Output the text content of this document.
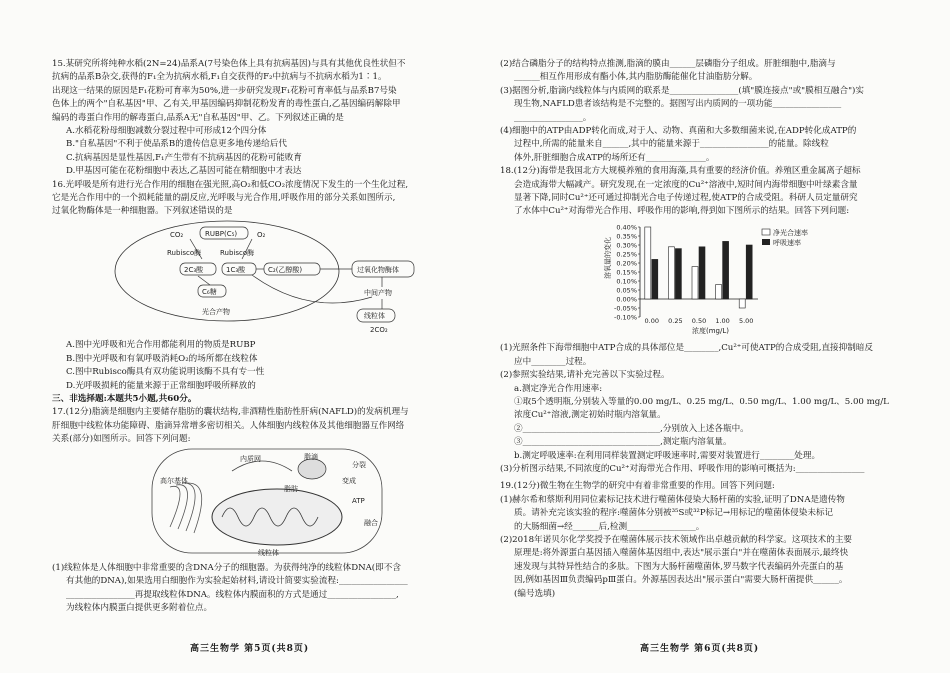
15.某研究所将纯种水稻(2N=24)品系A(7号染色体上具有抗病基因)与具有其他优良性状但不

抗病的品系B杂交,获得的F₁全为抗病水稻,F₁自交获得的F₂中抗病与不抗病水稻为1∶1。

出现这一结果的原因是F₁花粉可育率为50%,进一步研究发现F₁花粉可育率低与品系B7号染

色体上的两个"自私基因"甲、乙有关,甲基因编码抑制花粉发育的毒性蛋白,乙基因编码解除甲

编码的毒蛋白作用的解毒蛋白,品系A无"自私基因"甲、乙。下列叙述正确的是

A.水稻花粉母细胞减数分裂过程中可形成12个四分体

B."自私基因"不利于使品系B的遗传信息更多地传递给后代

C.抗病基因是显性基因,F₁产生带有不抗病基因的花粉可能败育

D.甲基因可能在花粉细胞中表达,乙基因可能在精细胞中才表达

16.光呼吸是所有进行光合作用的细胞在强光照,高O₂和低CO₂浓度情况下发生的一个生化过程,

它是光合作用中的一个损耗能量的副反应,光呼吸与光合作用,呼吸作用的部分关系如图所示,

过氧化物酶体是一种细胞器。下列叙述错误的是

CO₂	RUBP(C₅)	O₂
Rubisco酶	Rubisco酶
2C₃酸	1C₃酸	C₂(乙醇酸)
C₆糖
光合产物
过氧化物酶体
中间产物
线粒体
2CO₂

A.图中光呼吸和光合作用都能利用的物质是RUBP

B.图中光呼吸和有氧呼吸消耗O₂的场所都在线粒体

C.图中Rubisco酶具有双功能说明该酶不具有专一性

D.光呼吸损耗的能量来源于正常细胞呼吸所释放的

三、非选择题:本题共5小题,共60分。

17.(12分)脂滴是细胞内主要储存脂肪的囊状结构,非酒精性脂肪性肝病(NAFLD)的发病机理与

肝细胞中线粒体功能障碍、脂滴异常增多密切相关。人体细胞内线粒体及其他细胞器互作网络

关系(部分)如图所示。回答下列问题:

内质网	脂滴
高尔基体
线粒体
ATP
融合
分裂
脂肪
变成

(1)线粒体是人体细胞中非常重要的含DNA分子的细胞器。为获得纯净的线粒体DNA(即不含

有其他的DNA),如果选用白细胞作为实验起始材料,请设计简要实验流程:________________

________________再提取线粒体DNA。线粒体内膜面积的方式是通过________________,

为线粒体内膜蛋白提供更多附着位点。

(2)结合磷脂分子的结构特点推测,脂滴的膜由______层磷脂分子组成。肝脏细胞中,脂滴与

______相互作用形成有酯小体,其内脂肪酶能催化甘油脂肪分解。

(3)据图分析,脂滴内线粒体与内质网的联系是________________(填"膜连接点"或"膜相互融合")实

现生物,NAFLD患者该结构是不完整的。据图写出内质网的一项功能________________

________________。

(4)细胞中的ATP由ADP转化而成,对于人、动物、真菌和大多数细菌来说,在ADP转化成ATP的

过程中,所需的能量来自______,其中的能量来源于________________的能量。除线粒

体外,肝脏细胞合成ATP的场所还有______________。

18.(12分)海带是我国北方大规模养殖的食用海藻,具有重要的经济价值。养殖区重金属离子超标

会造成海带大幅减产。研究发现,在一定浓度的Cu²⁺溶液中,短时间内海带细胞中叶绿素含量

显著下降,同时Cu²⁺还可通过抑制光合电子传递过程,使ATP的合成受阻。科研人员定量研究

了水体中Cu²⁺对海带光合作用、呼吸作用的影响,得到如下图所示的结果。回答下列问题:

溶氧量的变化
浓度(mg/L)
0.40%
0.35%
0.30%
0.25%
0.20%
0.15%
0.10%
0.05%
0.00%
-0.05%
-0.10% 0.00 0.25 0.50 1.00 5.00
净光合速率
呼吸速率

(1)光照条件下海带细胞中ATP合成的具体部位是________,Cu²⁺可使ATP的合成受阻,直接抑制暗反

应中________过程。

(2)参照实验结果,请补充完善以下实验过程。

a.测定净光合作用速率:

①取5个透明瓶,分别装入等量的0.00 mg/L、0.25 mg/L、0.50 mg/L、1.00 mg/L、5.00 mg/L

浓度Cu²⁺溶液,测定初始时瓶内溶氧量。

②________________________________,分别放入上述各瓶中。

③________________________________,测定瓶内溶氧量。

b.测定呼吸速率:在利用同样装置测定呼吸速率时,需要对装置进行________处理。

(3)分析图示结果,不同浓度的Cu²⁺对海带光合作用、呼吸作用的影响可概括为:________________

19.(12分)微生物在生物学的研究中有着非常重要的作用。回答下列问题:

(1)赫尔希和蔡斯利用同位素标记技术进行噬菌体侵染大肠杆菌的实验,证明了DNA是遗传物

质。请补充完该实验的程序:噬菌体分别被³⁵S或³²P标记→用标记的噬菌体侵染未标记

的大肠细菌→经______后,检测________________。

(2)2018年诺贝尔化学奖授予在噬菌体展示技术领域作出卓越贡献的科学家。这项技术的主要

原理是:将外源蛋白基因插入噬菌体基因组中,表达"展示蛋白"并在噬菌体表面展示,最终快

速发现与其特异性结合的多肽。下图为大肠杆菌噬菌体,罗马数字代表编码外壳蛋白的基

因,例如基因Ⅲ负责编码pⅢ蛋白。外源基因表达出"展示蛋白"需要大肠杆菌提供______。

(编号选填)

高三生物学 第5页(共8页)	高三生物学 第6页(共8页)
